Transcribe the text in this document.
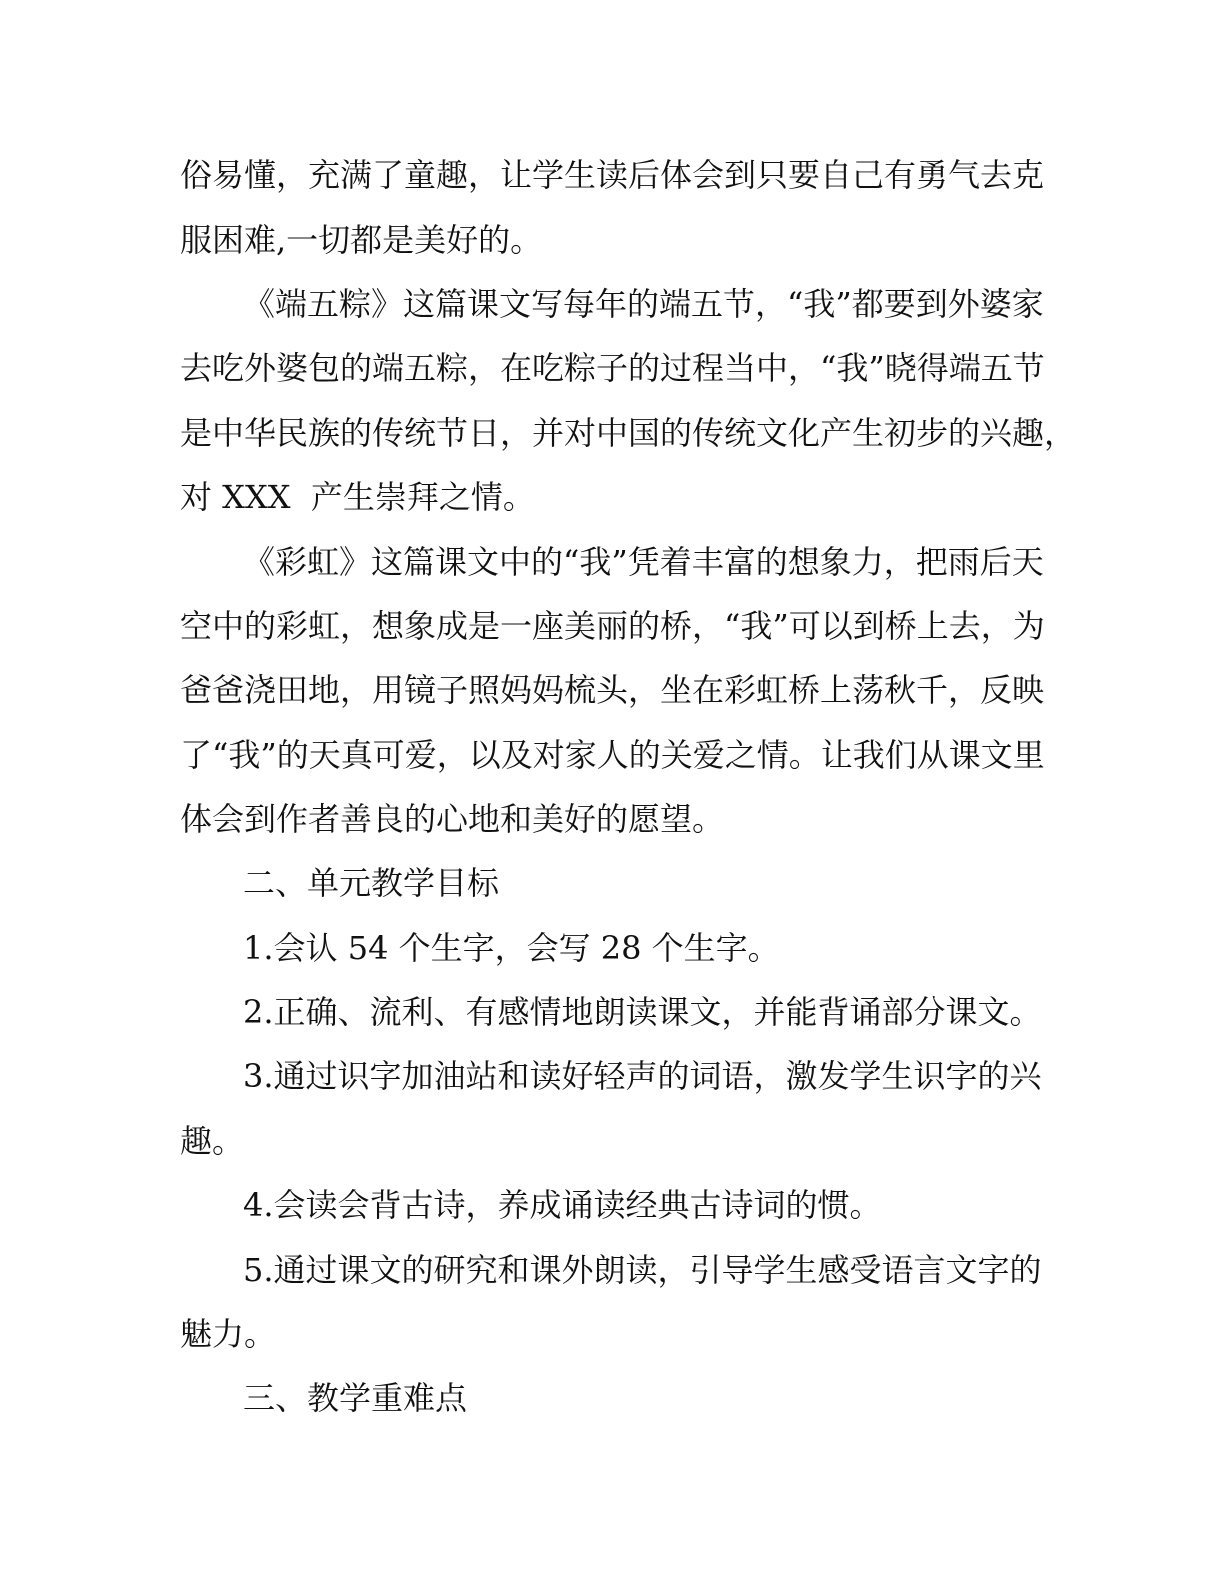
俗易懂，充满了童趣，让学生读后体会到只要自己有勇气去克
服困难,一切都是美好的。
《端五粽》这篇课文写每年的端五节，“我”都要到外婆家
去吃外婆包的端五粽，在吃粽子的过程当中，“我”晓得端五节
是中华民族的传统节日，并对中国的传统文化产生初步的兴趣，
对 XXX  产生崇拜之情。
《彩虹》这篇课文中的“我”凭着丰富的想象力，把雨后天
空中的彩虹，想象成是一座美丽的桥，“我”可以到桥上去，为
爸爸浇田地，用镜子照妈妈梳头，坐在彩虹桥上荡秋千，反映
了“我”的天真可爱，以及对家人的关爱之情。让我们从课文里
体会到作者善良的心地和美好的愿望。
二、单元教学目标
1.会认 54 个生字，会写 28 个生字。
2.正确、流利、有感情地朗读课文，并能背诵部分课文。
3.通过识字加油站和读好轻声的词语，激发学生识字的兴
趣。
4.会读会背古诗，养成诵读经典古诗词的惯。
5.通过课文的研究和课外朗读，引导学生感受语言文字的
魅力。
三、教学重难点
